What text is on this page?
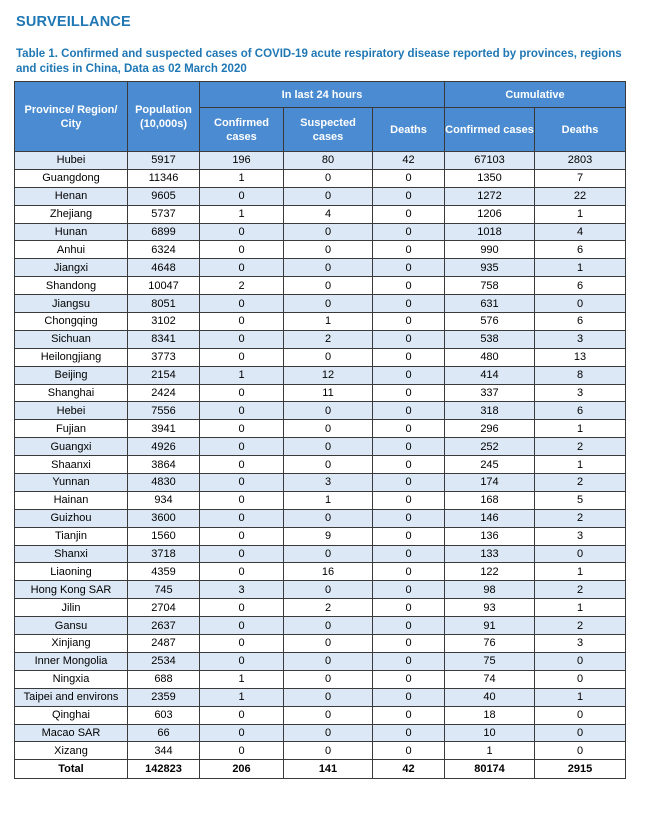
SURVEILLANCE
Table 1. Confirmed and suspected cases of COVID-19 acute respiratory disease reported by provinces, regions and cities in China, Data as 02 March 2020
Province/ Region/ City	Population (10,000s)	In last 24 hours			Cumulative	
		Confirmed cases	Suspected cases	Deaths	Confirmed cases	Deaths
Hubei	5917	196	80	42	67103	2803
Guangdong	11346	1	0	0	1350	7
Henan	9605	0	0	0	1272	22
Zhejiang	5737	1	4	0	1206	1
Hunan	6899	0	0	0	1018	4
Anhui	6324	0	0	0	990	6
Jiangxi	4648	0	0	0	935	1
Shandong	10047	2	0	0	758	6
Jiangsu	8051	0	0	0	631	0
Chongqing	3102	0	1	0	576	6
Sichuan	8341	0	2	0	538	3
Heilongjiang	3773	0	0	0	480	13
Beijing	2154	1	12	0	414	8
Shanghai	2424	0	11	0	337	3
Hebei	7556	0	0	0	318	6
Fujian	3941	0	0	0	296	1
Guangxi	4926	0	0	0	252	2
Shaanxi	3864	0	0	0	245	1
Yunnan	4830	0	3	0	174	2
Hainan	934	0	1	0	168	5
Guizhou	3600	0	0	0	146	2
Tianjin	1560	0	9	0	136	3
Shanxi	3718	0	0	0	133	0
Liaoning	4359	0	16	0	122	1
Hong Kong SAR	745	3	0	0	98	2
Jilin	2704	0	2	0	93	1
Gansu	2637	0	0	0	91	2
Xinjiang	2487	0	0	0	76	3
Inner Mongolia	2534	0	0	0	75	0
Ningxia	688	1	0	0	74	0
Taipei and environs	2359	1	0	0	40	1
Qinghai	603	0	0	0	18	0
Macao SAR	66	0	0	0	10	0
Xizang	344	0	0	0	1	0
Total	142823	206	141	42	80174	2915
